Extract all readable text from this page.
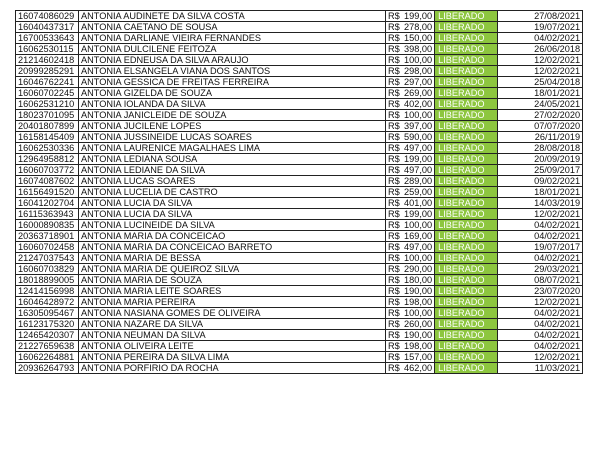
16074086029	ANTONIA AUDINETE DA SILVA COSTA	R$	199,00	LIBERADO	27/08/2021
16040437317	ANTONIA CAETANO DE SOUSA	R$	278,00	LIBERADO	19/07/2021
16700533643	ANTONIA DARLIANE VIEIRA FERNANDES	R$	150,00	LIBERADO	04/02/2021
16062530115	ANTONIA DULCILENE FEITOZA	R$	398,00	LIBERADO	26/06/2018
21214602418	ANTONIA EDNEUSA DA SILVA ARAUJO	R$	100,00	LIBERADO	12/02/2021
20999285291	ANTONIA ELSANGELA VIANA DOS SANTOS	R$	298,00	LIBERADO	12/02/2021
16046762241	ANTONIA GESSICA DE FREITAS FERREIRA	R$	297,00	LIBERADO	25/04/2018
16060702245	ANTONIA GIZELDA DE SOUZA	R$	269,00	LIBERADO	18/01/2021
16062531210	ANTONIA IOLANDA DA SILVA	R$	402,00	LIBERADO	24/05/2021
18023701095	ANTONIA JANICLEIDE DE SOUZA	R$	100,00	LIBERADO	27/02/2020
20401807899	ANTONIA JUCILENE LOPES	R$	397,00	LIBERADO	07/07/2020
16158145409	ANTONIA JUSSINEIDE LUCAS SOARES	R$	590,00	LIBERADO	26/11/2019
16062530336	ANTONIA LAURENICE MAGALHAES LIMA	R$	497,00	LIBERADO	28/08/2018
12964958812	ANTONIA LEDIANA SOUSA	R$	199,00	LIBERADO	20/09/2019
16060703772	ANTONIA LEDIANE DA SILVA	R$	497,00	LIBERADO	25/09/2017
16074087602	ANTONIA LUCAS SOARES	R$	289,00	LIBERADO	09/02/2021
16156491520	ANTONIA LUCELIA DE CASTRO	R$	259,00	LIBERADO	18/01/2021
16041202704	ANTONIA LUCIA DA SILVA	R$	401,00	LIBERADO	14/03/2019
16115363943	ANTONIA LUCIA DA SILVA	R$	199,00	LIBERADO	12/02/2021
16000890835	ANTONIA LUCINEIDE DA SILVA	R$	100,00	LIBERADO	04/02/2021
20363718901	ANTONIA MARIA DA CONCEICAO	R$	169,00	LIBERADO	04/02/2021
16060702458	ANTONIA MARIA DA CONCEICAO BARRETO	R$	497,00	LIBERADO	19/07/2017
21247037543	ANTONIA MARIA DE BESSA	R$	100,00	LIBERADO	04/02/2021
16060703829	ANTONIA MARIA DE QUEIROZ SILVA	R$	290,00	LIBERADO	29/03/2021
18018899005	ANTONIA MARIA DE SOUZA	R$	180,00	LIBERADO	08/07/2021
12414156998	ANTONIA MARIA LEITE SOARES	R$	190,00	LIBERADO	23/07/2020
16046428972	ANTONIA MARIA PEREIRA	R$	198,00	LIBERADO	12/02/2021
16305095467	ANTONIA NASIANA GOMES DE OLIVEIRA	R$	100,00	LIBERADO	04/02/2021
16123175320	ANTONIA NAZARE DA SILVA	R$	260,00	LIBERADO	04/02/2021
12465420307	ANTONIA NEUMAN DA SILVA	R$	190,00	LIBERADO	04/02/2021
21227659638	ANTONIA OLIVEIRA LEITE	R$	198,00	LIBERADO	04/02/2021
16062264881	ANTONIA PEREIRA DA SILVA LIMA	R$	157,00	LIBERADO	12/02/2021
20936264793	ANTONIA PORFIRIO DA ROCHA	R$	462,00	LIBERADO	11/03/2021
